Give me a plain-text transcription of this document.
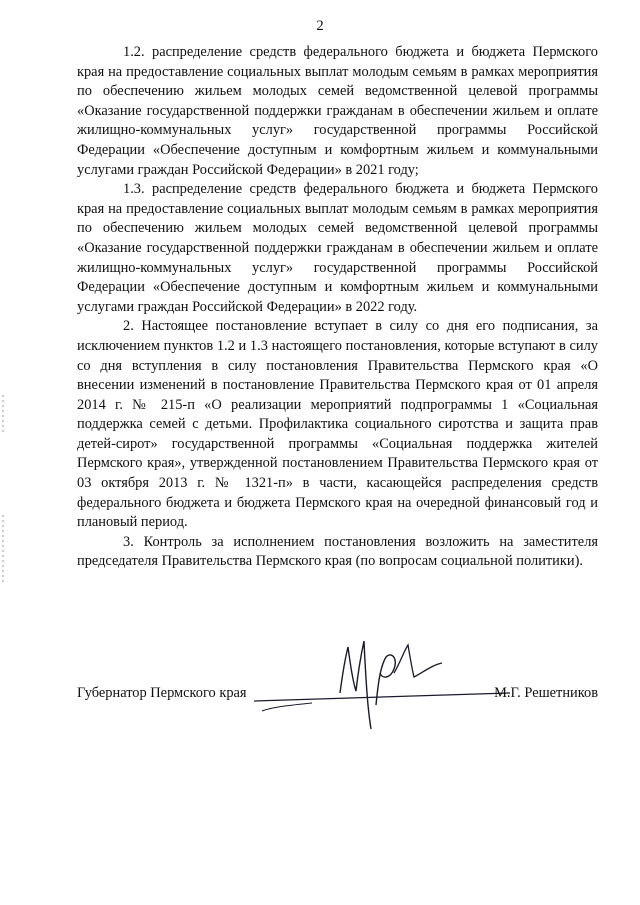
2

1.2. распределение средств федерального бюджета и бюджета Пермского края на предоставление социальных выплат молодым семьям в рамках мероприятия по обеспечению жильем молодых семей ведомственной целевой программы «Оказание государственной поддержки гражданам в обеспечении жильем и оплате жилищно-коммунальных услуг» государственной программы Российской Федерации «Обеспечение доступным и комфортным жильем и коммунальными услугами граждан Российской Федерации» в 2021 году;

1.3. распределение средств федерального бюджета и бюджета Пермского края на предоставление социальных выплат молодым семьям в рамках мероприятия по обеспечению жильем молодых семей ведомственной целевой программы «Оказание государственной поддержки гражданам в обеспечении жильем и оплате жилищно-коммунальных услуг» государственной программы Российской Федерации «Обеспечение доступным и комфортным жильем и коммунальными услугами граждан Российской Федерации» в 2022 году.

2. Настоящее постановление вступает в силу со дня его подписания, за исключением пунктов 1.2 и 1.3 настоящего постановления, которые вступают в силу со дня вступления в силу постановления Правительства Пермского края «О внесении изменений в постановление Правительства Пермского края от 01 апреля 2014 г. № 215-п «О реализации мероприятий подпрограммы 1 «Социальная поддержка семей с детьми. Профилактика социального сиротства и защита прав детей-сирот» государственной программы «Социальная поддержка жителей Пермского края», утвержденной постановлением Правительства Пермского края от 03 октября 2013 г. № 1321-п» в части, касающейся распределения средств федерального бюджета и бюджета Пермского края на очередной финансовый год и плановый период.

3. Контроль за исполнением постановления возложить на заместителя председателя Правительства Пермского края (по вопросам социальной политики).

Губернатор Пермского края	М.Г. Решетников
